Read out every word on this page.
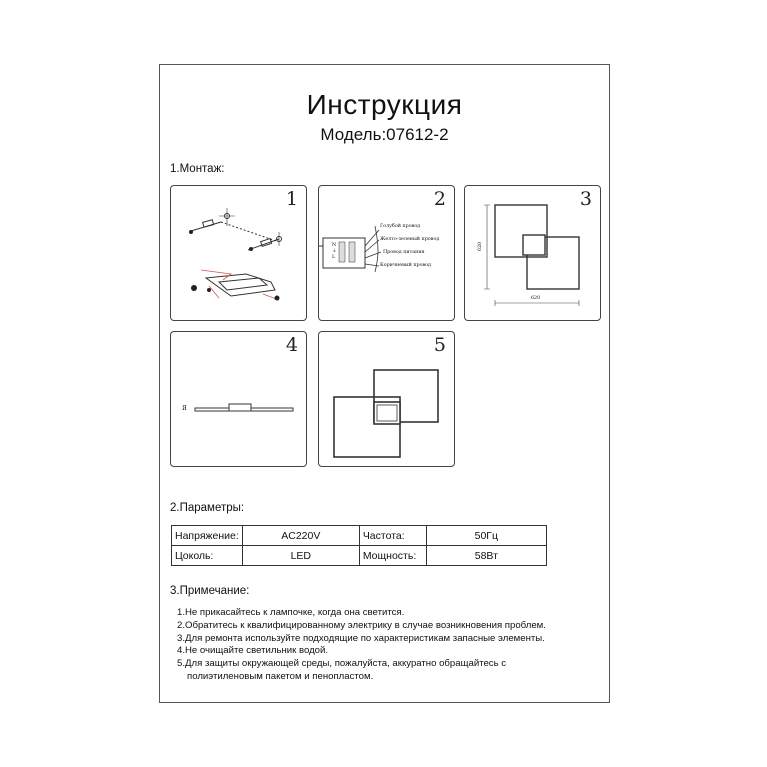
Инструкция
Модель:07612-2
1.Монтаж:
1	2
N
⏚
L
Голубой провод
Желто-зеленый провод
Провод питания
Коричневый провод
3
620
620
4
Я
5
2.Параметры:
Напряжение:	AC220V	Частота:	50Гц
Цоколь:	LED	Мощность:	58Вт
3.Примечание:
1.Не прикасайтесь к лампочке, когда она светится.
2.Обратитесь к квалифицированному электрику в случае возникновения проблем.
3.Для ремонта используйте подходящие по характеристикам запасные элементы.
4.Не очищайте светильник водой.
5.Для защиты окружающей среды, пожалуйста, аккуратно обращайтесь с
полиэтиленовым пакетом и пенопластом.
